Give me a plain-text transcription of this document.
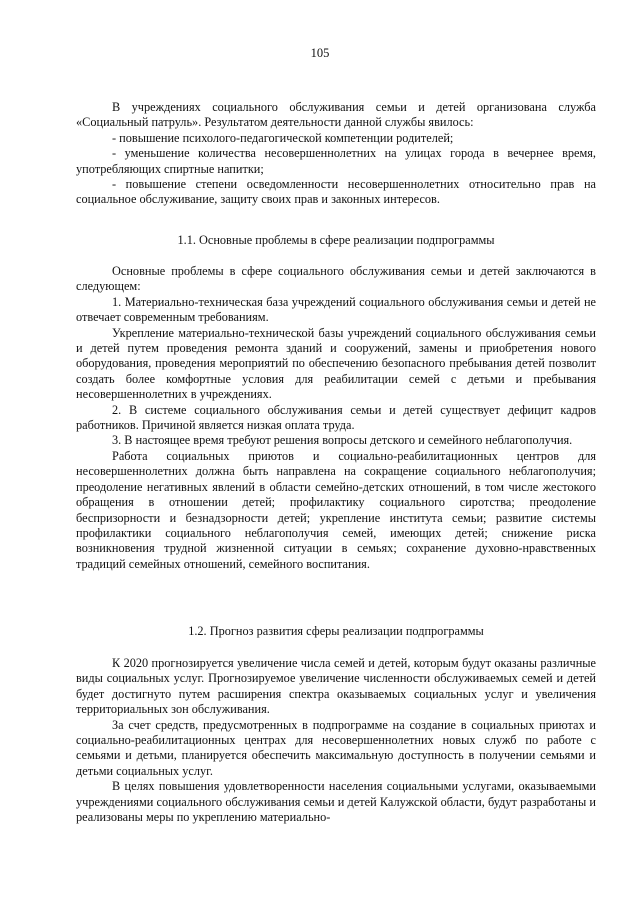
105

В учреждениях социального обслуживания семьи и детей организована служба «Социальный патруль». Результатом деятельности данной службы явилось:

- повышение психолого-педагогической компетенции родителей;

- уменьшение количества несовершеннолетних на улицах города в вечернее время, употребляющих спиртные напитки;

- повышение степени осведомленности несовершеннолетних относительно прав на социальное обслуживание, защиту своих прав и законных интересов.

1.1. Основные проблемы в сфере реализации подпрограммы

Основные проблемы в сфере социального обслуживания семьи и детей заключаются в следующем:

1. Материально-техническая база учреждений социального обслуживания семьи и детей не отвечает современным требованиям.

Укрепление материально-технической базы учреждений социального обслуживания семьи и детей путем проведения ремонта зданий и сооружений, замены и приобретения нового оборудования, проведения мероприятий по обеспечению безопасного пребывания детей позволит создать более комфортные условия для реабилитации семей с детьми и пребывания несовершеннолетних в учреждениях.

2. В системе социального обслуживания семьи и детей существует дефицит кадров работников. Причиной является низкая оплата труда.

3. В настоящее время требуют решения вопросы детского и семейного неблагополучия.

Работа социальных приютов и социально-реабилитационных центров для несовершеннолетних должна быть направлена на сокращение социального неблагополучия; преодоление негативных явлений в области семейно-детских отношений, в том числе жестокого обращения в отношении детей; профилактику социального сиротства; преодоление беспризорности и безнадзорности детей; укрепление института семьи; развитие системы профилактики социального неблагополучия семей, имеющих детей; снижение риска возникновения трудной жизненной ситуации в семьях; сохранение духовно-нравственных традиций семейных отношений, семейного воспитания.

1.2. Прогноз развития сферы реализации подпрограммы

К 2020 прогнозируется увеличение числа семей и детей, которым будут оказаны различные виды социальных услуг. Прогнозируемое увеличение численности обслуживаемых семей и детей будет достигнуто путем расширения спектра оказываемых социальных услуг и увеличения территориальных зон обслуживания.

За счет средств, предусмотренных в подпрограмме на создание в социальных приютах и социально-реабилитационных центрах для несовершеннолетних новых служб по работе с семьями и детьми, планируется обеспечить максимальную доступность в получении семьями и детьми социальных услуг.

В целях повышения удовлетворенности населения социальными услугами, оказываемыми учреждениями социального обслуживания семьи и детей Калужской области, будут разработаны и реализованы меры по укреплению материально-
